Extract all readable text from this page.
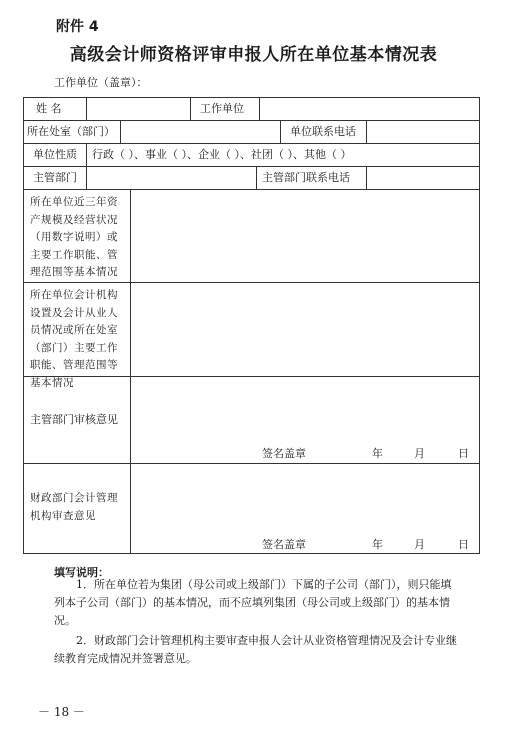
附件 4
高级会计师资格评审申报人所在单位基本情况表
工作单位（盖章）：
姓 名	工作单位
所在处室（部门）	单位联系电话
单位性质 行政（ ）、事业（ ）、企业（ ）、社团（ ）、其他（ ）
主管部门	主管部门联系电话
所在单位近三年资产规模及经营状况（用数字说明）或主要工作职能、管理范围等基本情况
所在单位会计机构设置及会计从业人员情况或所在处室（部门）主要工作职能、管理范围等基本情况
主管部门审核意见
签名盖章	年	月	日
财政部门会计管理机构审查意见
签名盖章	年	月	日
填写说明：
1．所在单位若为集团（母公司或上级部门）下属的子公司（部门），则只能填列本子公司（部门）的基本情况，而不应填列集团（母公司或上级部门）的基本情况。
2．财政部门会计管理机构主要审查申报人会计从业资格管理情况及会计专业继续教育完成情况并签署意见。
－ 18 －
